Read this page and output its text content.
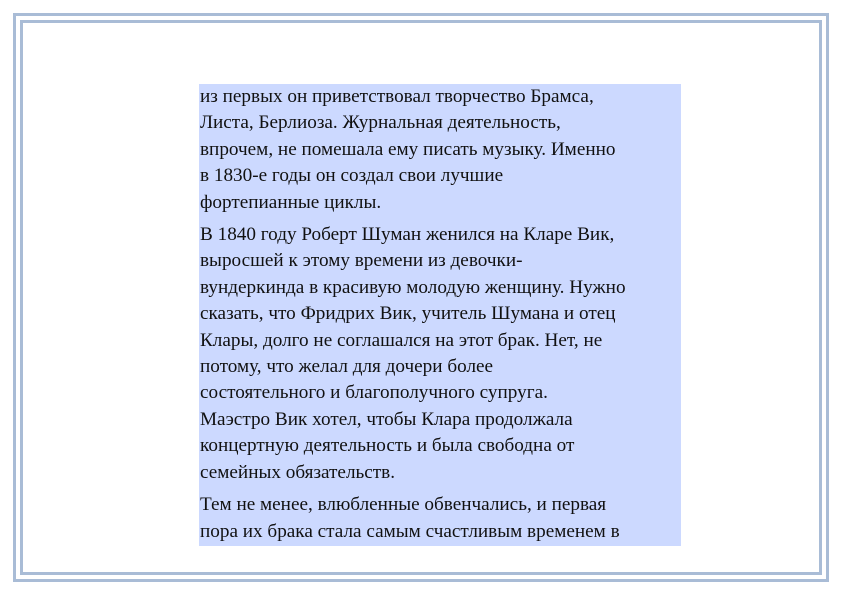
из первых он приветствовал творчество Брамса,
Листа, Берлиоза. Журнальная деятельность,
впрочем, не помешала ему писать музыку. Именно
в 1830-е годы он создал свои лучшие
фортепианные циклы.

В 1840 году Роберт Шуман женился на Кларе Вик,
выросшей к этому времени из девочки-
вундеркинда в красивую молодую женщину. Нужно
сказать, что Фридрих Вик, учитель Шумана и отец
Клары, долго не соглашался на этот брак. Нет, не
потому, что желал для дочери более
состоятельного и благополучного супруга.
Маэстро Вик хотел, чтобы Клара продолжала
концертную деятельность и была свободна от
семейных обязательств.

Тем не менее, влюбленные обвенчались, и первая
пора их брака стала самым счастливым временем в
